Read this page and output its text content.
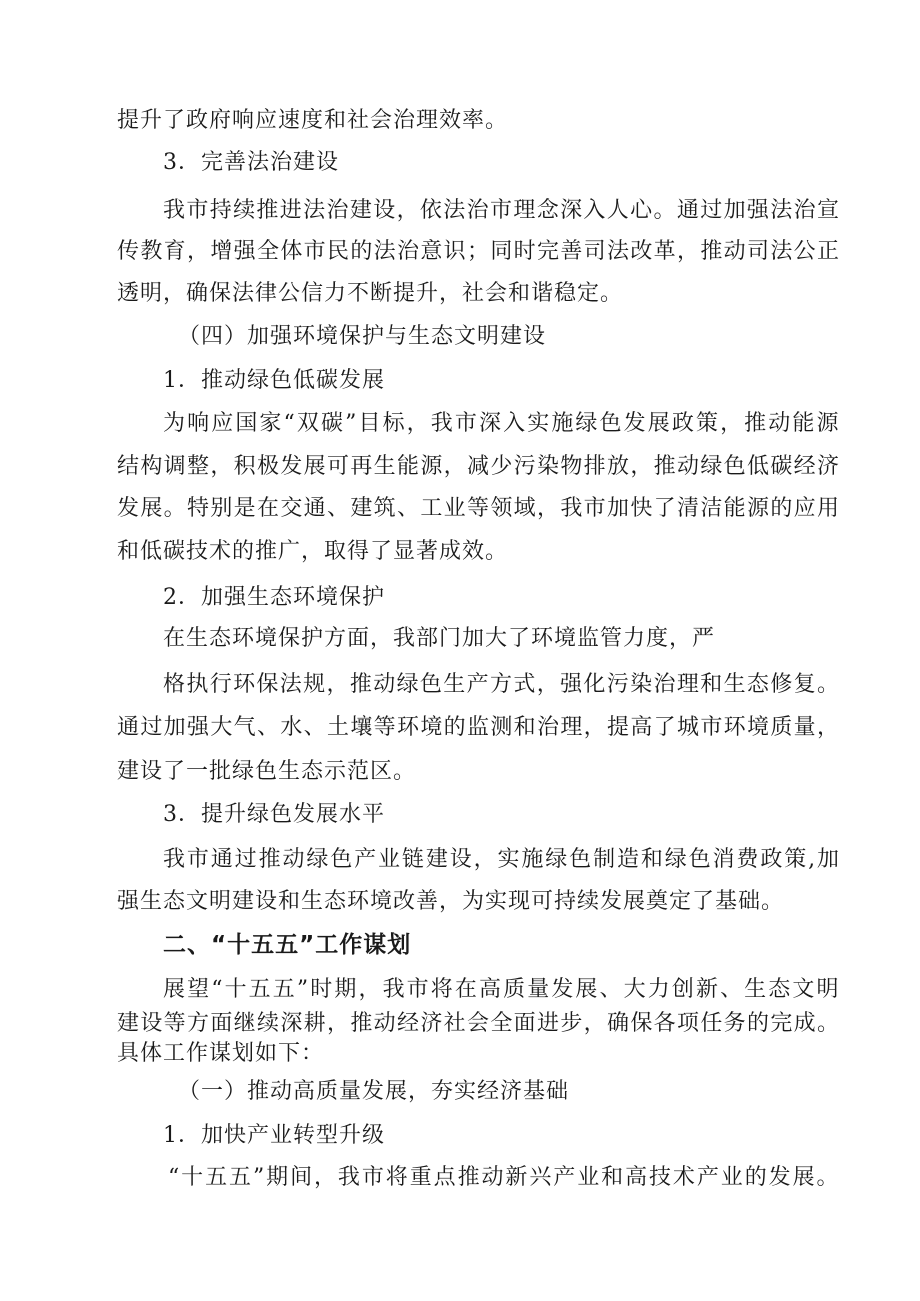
提升了政府响应速度和社会治理效率。
3．完善法治建设
我市持续推进法治建设，依法治市理念深入人心。通过加强法治宣
传教育，增强全体市民的法治意识；同时完善司法改革，推动司法公正
透明，确保法律公信力不断提升，社会和谐稳定。
（四）加强环境保护与生态文明建设
1．推动绿色低碳发展
为响应国家“双碳”目标，我市深入实施绿色发展政策，推动能源
结构调整，积极发展可再生能源，减少污染物排放，推动绿色低碳经济
发展。特别是在交通、建筑、工业等领域，我市加快了清洁能源的应用
和低碳技术的推广，取得了显著成效。
2．加强生态环境保护
在生态环境保护方面，我部门加大了环境监管力度，严
格执行环保法规，推动绿色生产方式，强化污染治理和生态修复。
通过加强大气、水、土壤等环境的监测和治理，提高了城市环境质量，
建设了一批绿色生态示范区。
3．提升绿色发展水平
我市通过推动绿色产业链建设，实施绿色制造和绿色消费政策,加
强生态文明建设和生态环境改善，为实现可持续发展奠定了基础。
二、“十五五”工作谋划
展望“十五五”时期，我市将在高质量发展、大力创新、生态文明
建设等方面继续深耕，推动经济社会全面进步，确保各项任务的完成。
具体工作谋划如下：
（一）推动高质量发展，夯实经济基础
1．加快产业转型升级
“十五五”期间，我市将重点推动新兴产业和高技术产业的发展。
